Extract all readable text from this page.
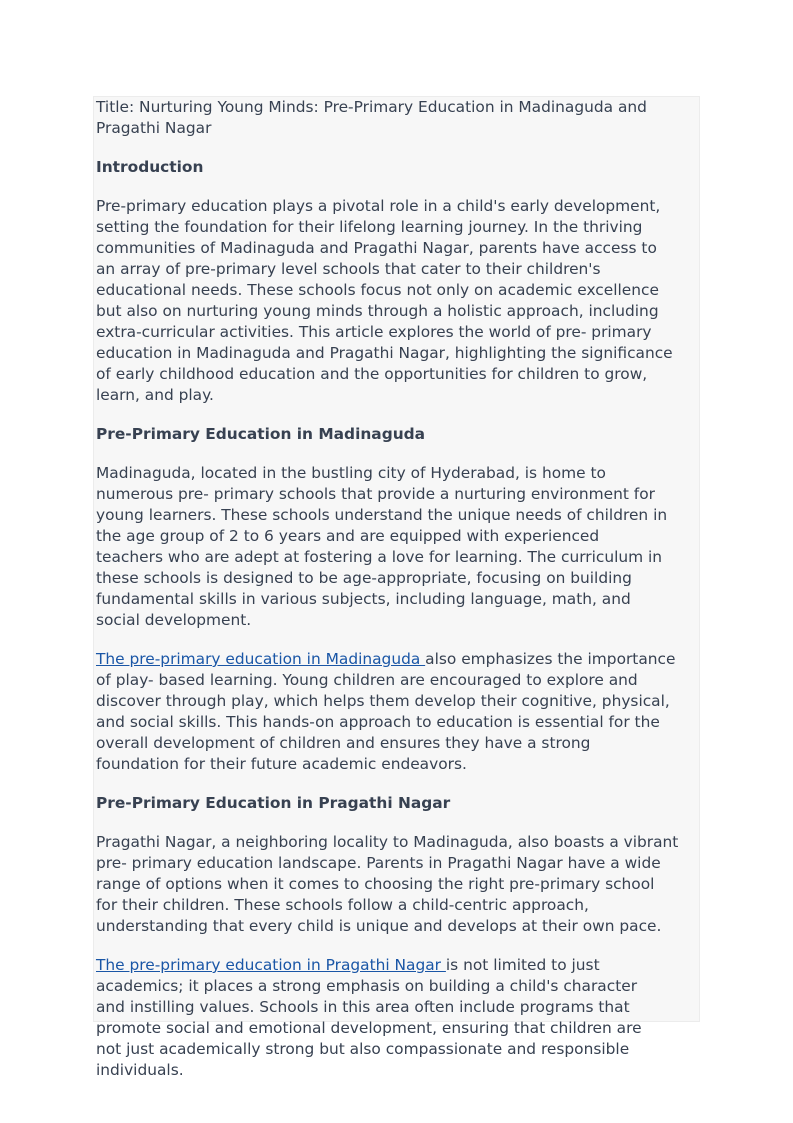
Title: Nurturing Young Minds: Pre-Primary Education in Madinaguda and
Pragathi Nagar

Introduction

Pre-primary education plays a pivotal role in a child's early development,
setting the foundation for their lifelong learning journey. In the thriving
communities of Madinaguda and Pragathi Nagar, parents have access to
an array of pre-primary level schools that cater to their children's
educational needs. These schools focus not only on academic excellence
but also on nurturing young minds through a holistic approach, including
extra-curricular activities. This article explores the world of pre- primary
education in Madinaguda and Pragathi Nagar, highlighting the significance
of early childhood education and the opportunities for children to grow,
learn, and play.

Pre-Primary Education in Madinaguda

Madinaguda, located in the bustling city of Hyderabad, is home to
numerous pre- primary schools that provide a nurturing environment for
young learners. These schools understand the unique needs of children in
the age group of 2 to 6 years and are equipped with experienced
teachers who are adept at fostering a love for learning. The curriculum in
these schools is designed to be age-appropriate, focusing on building
fundamental skills in various subjects, including language, math, and
social development.

The pre-primary education in Madinaguda also emphasizes the importance
of play- based learning. Young children are encouraged to explore and
discover through play, which helps them develop their cognitive, physical,
and social skills. This hands-on approach to education is essential for the
overall development of children and ensures they have a strong
foundation for their future academic endeavors.

Pre-Primary Education in Pragathi Nagar

Pragathi Nagar, a neighboring locality to Madinaguda, also boasts a vibrant
pre- primary education landscape. Parents in Pragathi Nagar have a wide
range of options when it comes to choosing the right pre-primary school
for their children. These schools follow a child-centric approach,
understanding that every child is unique and develops at their own pace.

The pre-primary education in Pragathi Nagar is not limited to just
academics; it places a strong emphasis on building a child's character
and instilling values. Schools in this area often include programs that
promote social and emotional development, ensuring that children are
not just academically strong but also compassionate and responsible
individuals.
